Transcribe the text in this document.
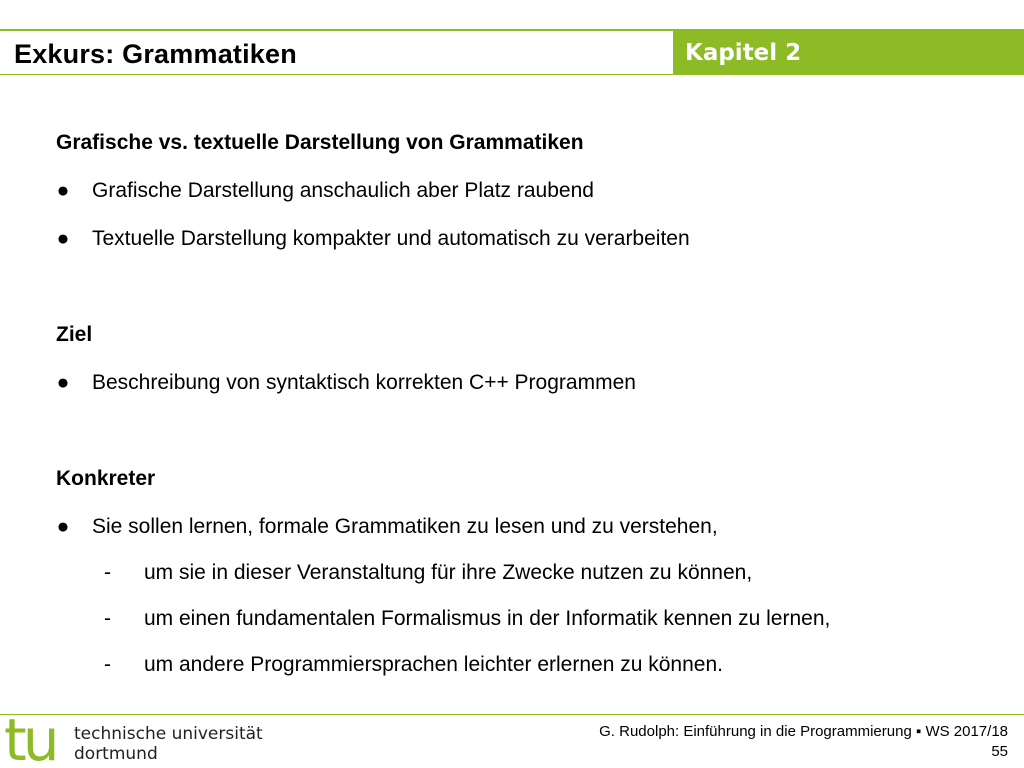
Exkurs: Grammatiken	Kapitel 2
Grafische vs. textuelle Darstellung von Grammatiken
● Grafische Darstellung anschaulich aber Platz raubend
● Textuelle Darstellung kompakter und automatisch zu verarbeiten
Ziel
● Beschreibung von syntaktisch korrekten C++ Programmen
Konkreter
● Sie sollen lernen, formale Grammatiken zu lesen und zu verstehen,
- um sie in dieser Veranstaltung für ihre Zwecke nutzen zu können,
- um einen fundamentalen Formalismus in der Informatik kennen zu lernen,
- um andere Programmiersprachen leichter erlernen zu können.
tu technische universität
dortmund
G. Rudolph: Einführung in die Programmierung ▪ WS 2017/18
55
